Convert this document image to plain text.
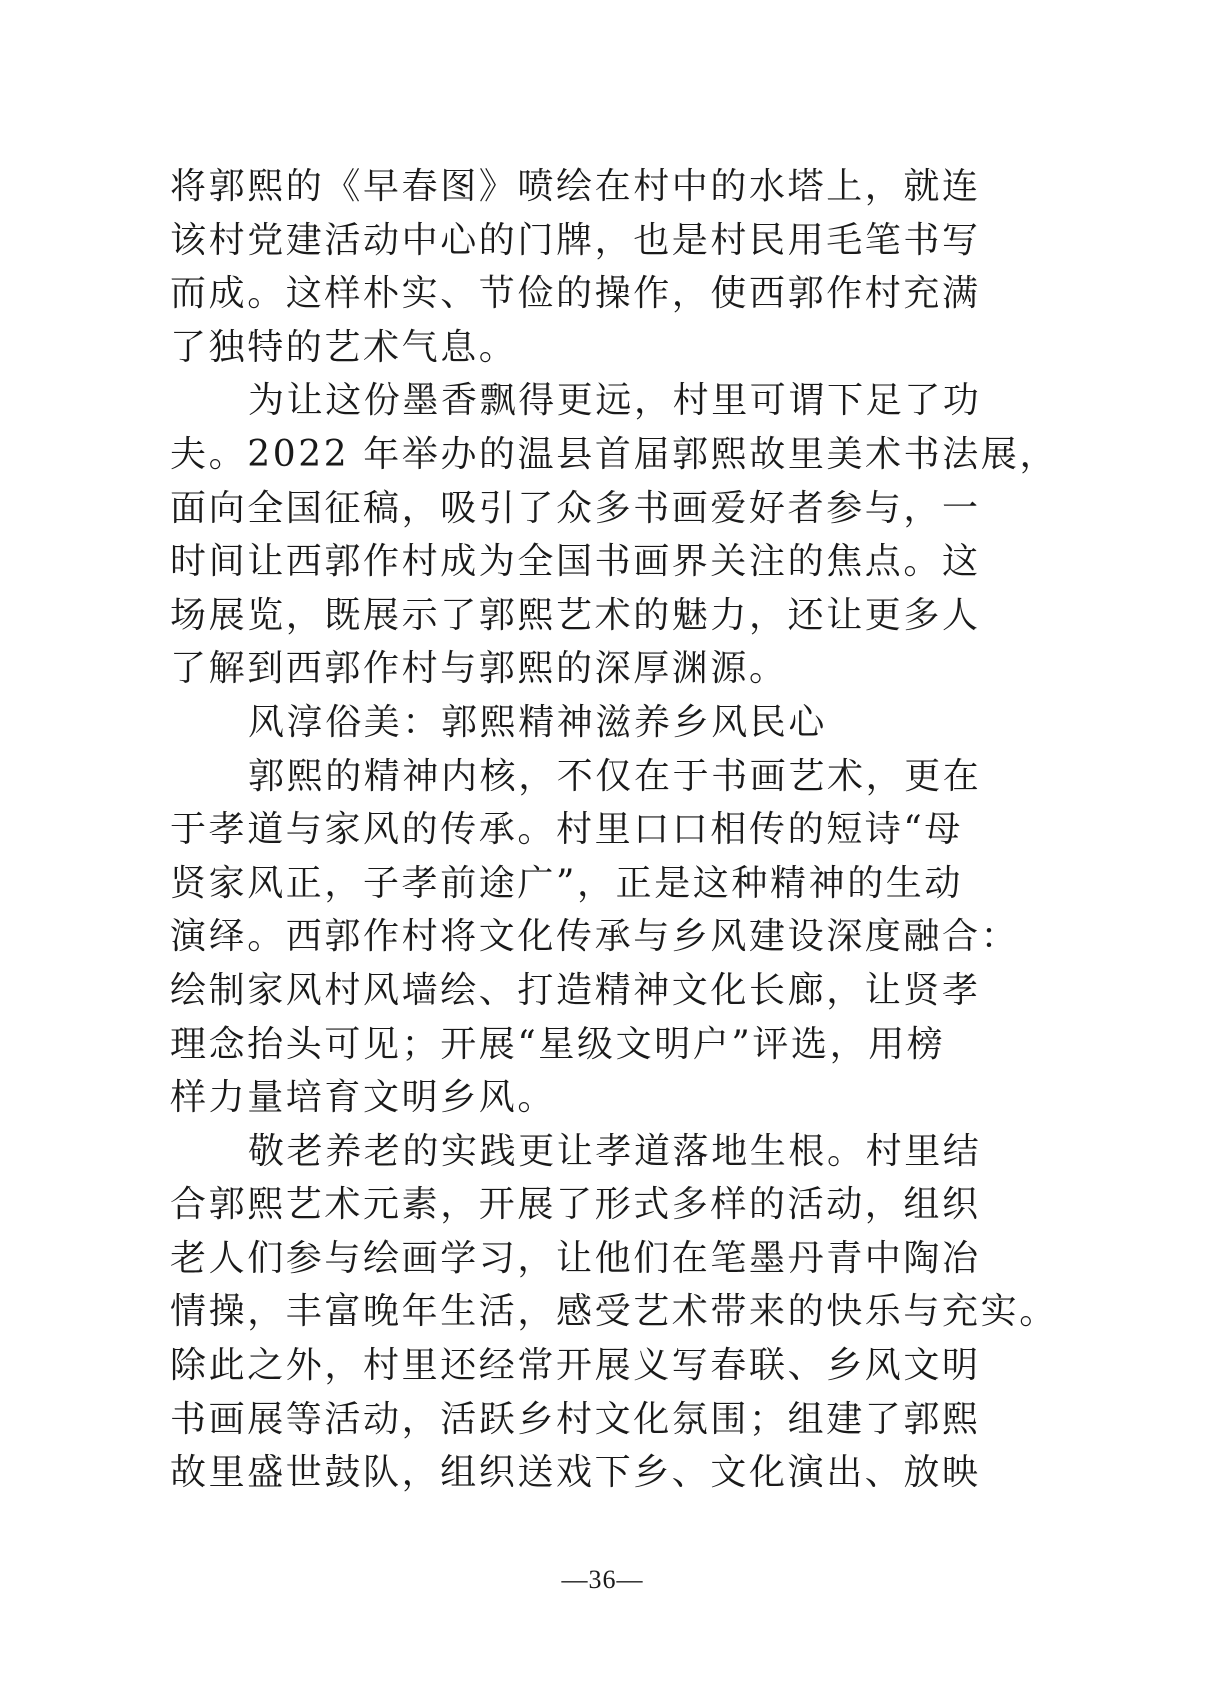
将郭熙的《早春图》喷绘在村中的水塔上，就连
该村党建活动中心的门牌，也是村民用毛笔书写
而成。这样朴实、节俭的操作，使西郭作村充满
了独特的艺术气息。
为让这份墨香飘得更远，村里可谓下足了功
夫。2022 年举办的温县首届郭熙故里美术书法展，
面向全国征稿，吸引了众多书画爱好者参与，一
时间让西郭作村成为全国书画界关注的焦点。这
场展览，既展示了郭熙艺术的魅力，还让更多人
了解到西郭作村与郭熙的深厚渊源。
风淳俗美：郭熙精神滋养乡风民心
郭熙的精神内核，不仅在于书画艺术，更在
于孝道与家风的传承。村里口口相传的短诗“母
贤家风正，子孝前途广”，正是这种精神的生动
演绎。西郭作村将文化传承与乡风建设深度融合：
绘制家风村风墙绘、打造精神文化长廊，让贤孝
理念抬头可见；开展“星级文明户”评选，用榜
样力量培育文明乡风。
敬老养老的实践更让孝道落地生根。村里结
合郭熙艺术元素，开展了形式多样的活动，组织
老人们参与绘画学习，让他们在笔墨丹青中陶冶
情操，丰富晚年生活，感受艺术带来的快乐与充实。
除此之外，村里还经常开展义写春联、乡风文明
书画展等活动，活跃乡村文化氛围；组建了郭熙
故里盛世鼓队，组织送戏下乡、文化演出、放映
—36—
